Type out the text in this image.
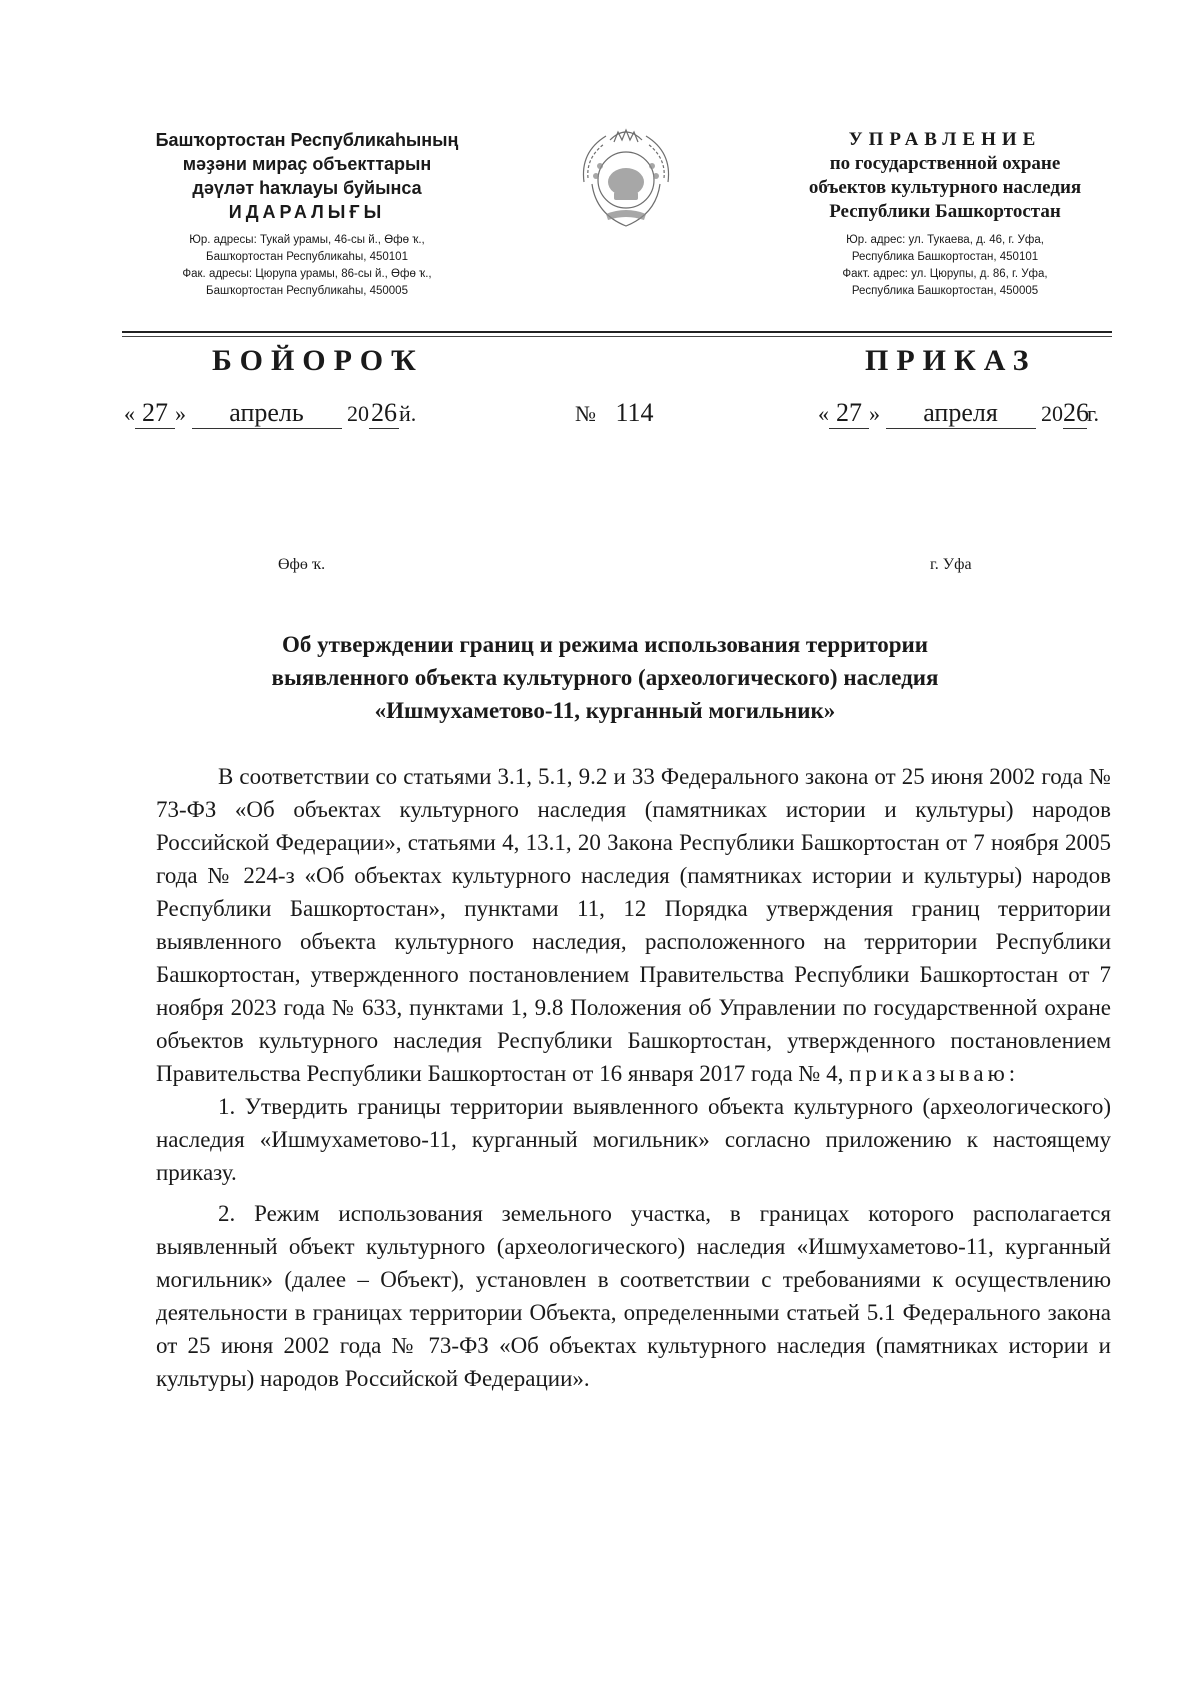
Башҡортостан Республикаһының
мәҙәни мираҫ объекттарын
дәүләт һаҡлауы буйынса
ИДАРАЛЫҒЫ
Юр. адресы: Тукай урамы, 46-сы й., Өфө ҡ.,
Башҡортостан Республикаһы, 450101
Фак. адресы: Цюрупа урамы, 86-сы й., Өфө ҡ.,
Башҡортостан Республикаһы, 450005
УПРАВЛЕНИЕ
по государственной охране
объектов культурного наследия
Республики Башкортостан
Юр. адрес: ул. Тукаева, д. 46, г. Уфа,
Республика Башкортостан, 450101
Факт. адрес: ул. Цюрупы, д. 86, г. Уфа,
Республика Башкортостан, 450005
БОЙОРОҠ	ПРИКАЗ
« 27 » апрель 2026й.	№ 114	« 27 » апреля 2026г.
Өфө ҡ.	г. Уфа
Об утверждении границ и режима использования территории
выявленного объекта культурного (археологического) наследия
«Ишмухаметово-11, курганный могильник»

В соответствии со статьями 3.1, 5.1, 9.2 и 33 Федерального закона от 25 июня 2002 года № 73-ФЗ «Об объектах культурного наследия (памятниках истории и культуры) народов Российской Федерации», статьями 4, 13.1, 20 Закона Республики Башкортостан от 7 ноября 2005 года № 224-з «Об объектах культурного наследия (памятниках истории и культуры) народов Республики Башкортостан», пунктами 11, 12 Порядка утверждения границ территории выявленного объекта культурного наследия, расположенного на территории Республики Башкортостан, утвержденного постановлением Правительства Республики Башкортостан от 7 ноября 2023 года № 633, пунктами 1, 9.8 Положения об Управлении по государственной охране объектов культурного наследия Республики Башкортостан, утвержденного постановлением Правительства Республики Башкортостан от 16 января 2017 года № 4, приказываю:

1. Утвердить границы территории выявленного объекта культурного (археологического) наследия «Ишмухаметово-11, курганный могильник» согласно приложению к настоящему приказу.

2. Режим использования земельного участка, в границах которого располагается выявленный объект культурного (археологического) наследия «Ишмухаметово-11, курганный могильник» (далее – Объект), установлен в соответствии с требованиями к осуществлению деятельности в границах территории Объекта, определенными статьей 5.1 Федерального закона от 25 июня 2002 года № 73-ФЗ «Об объектах культурного наследия (памятниках истории и культуры) народов Российской Федерации».
